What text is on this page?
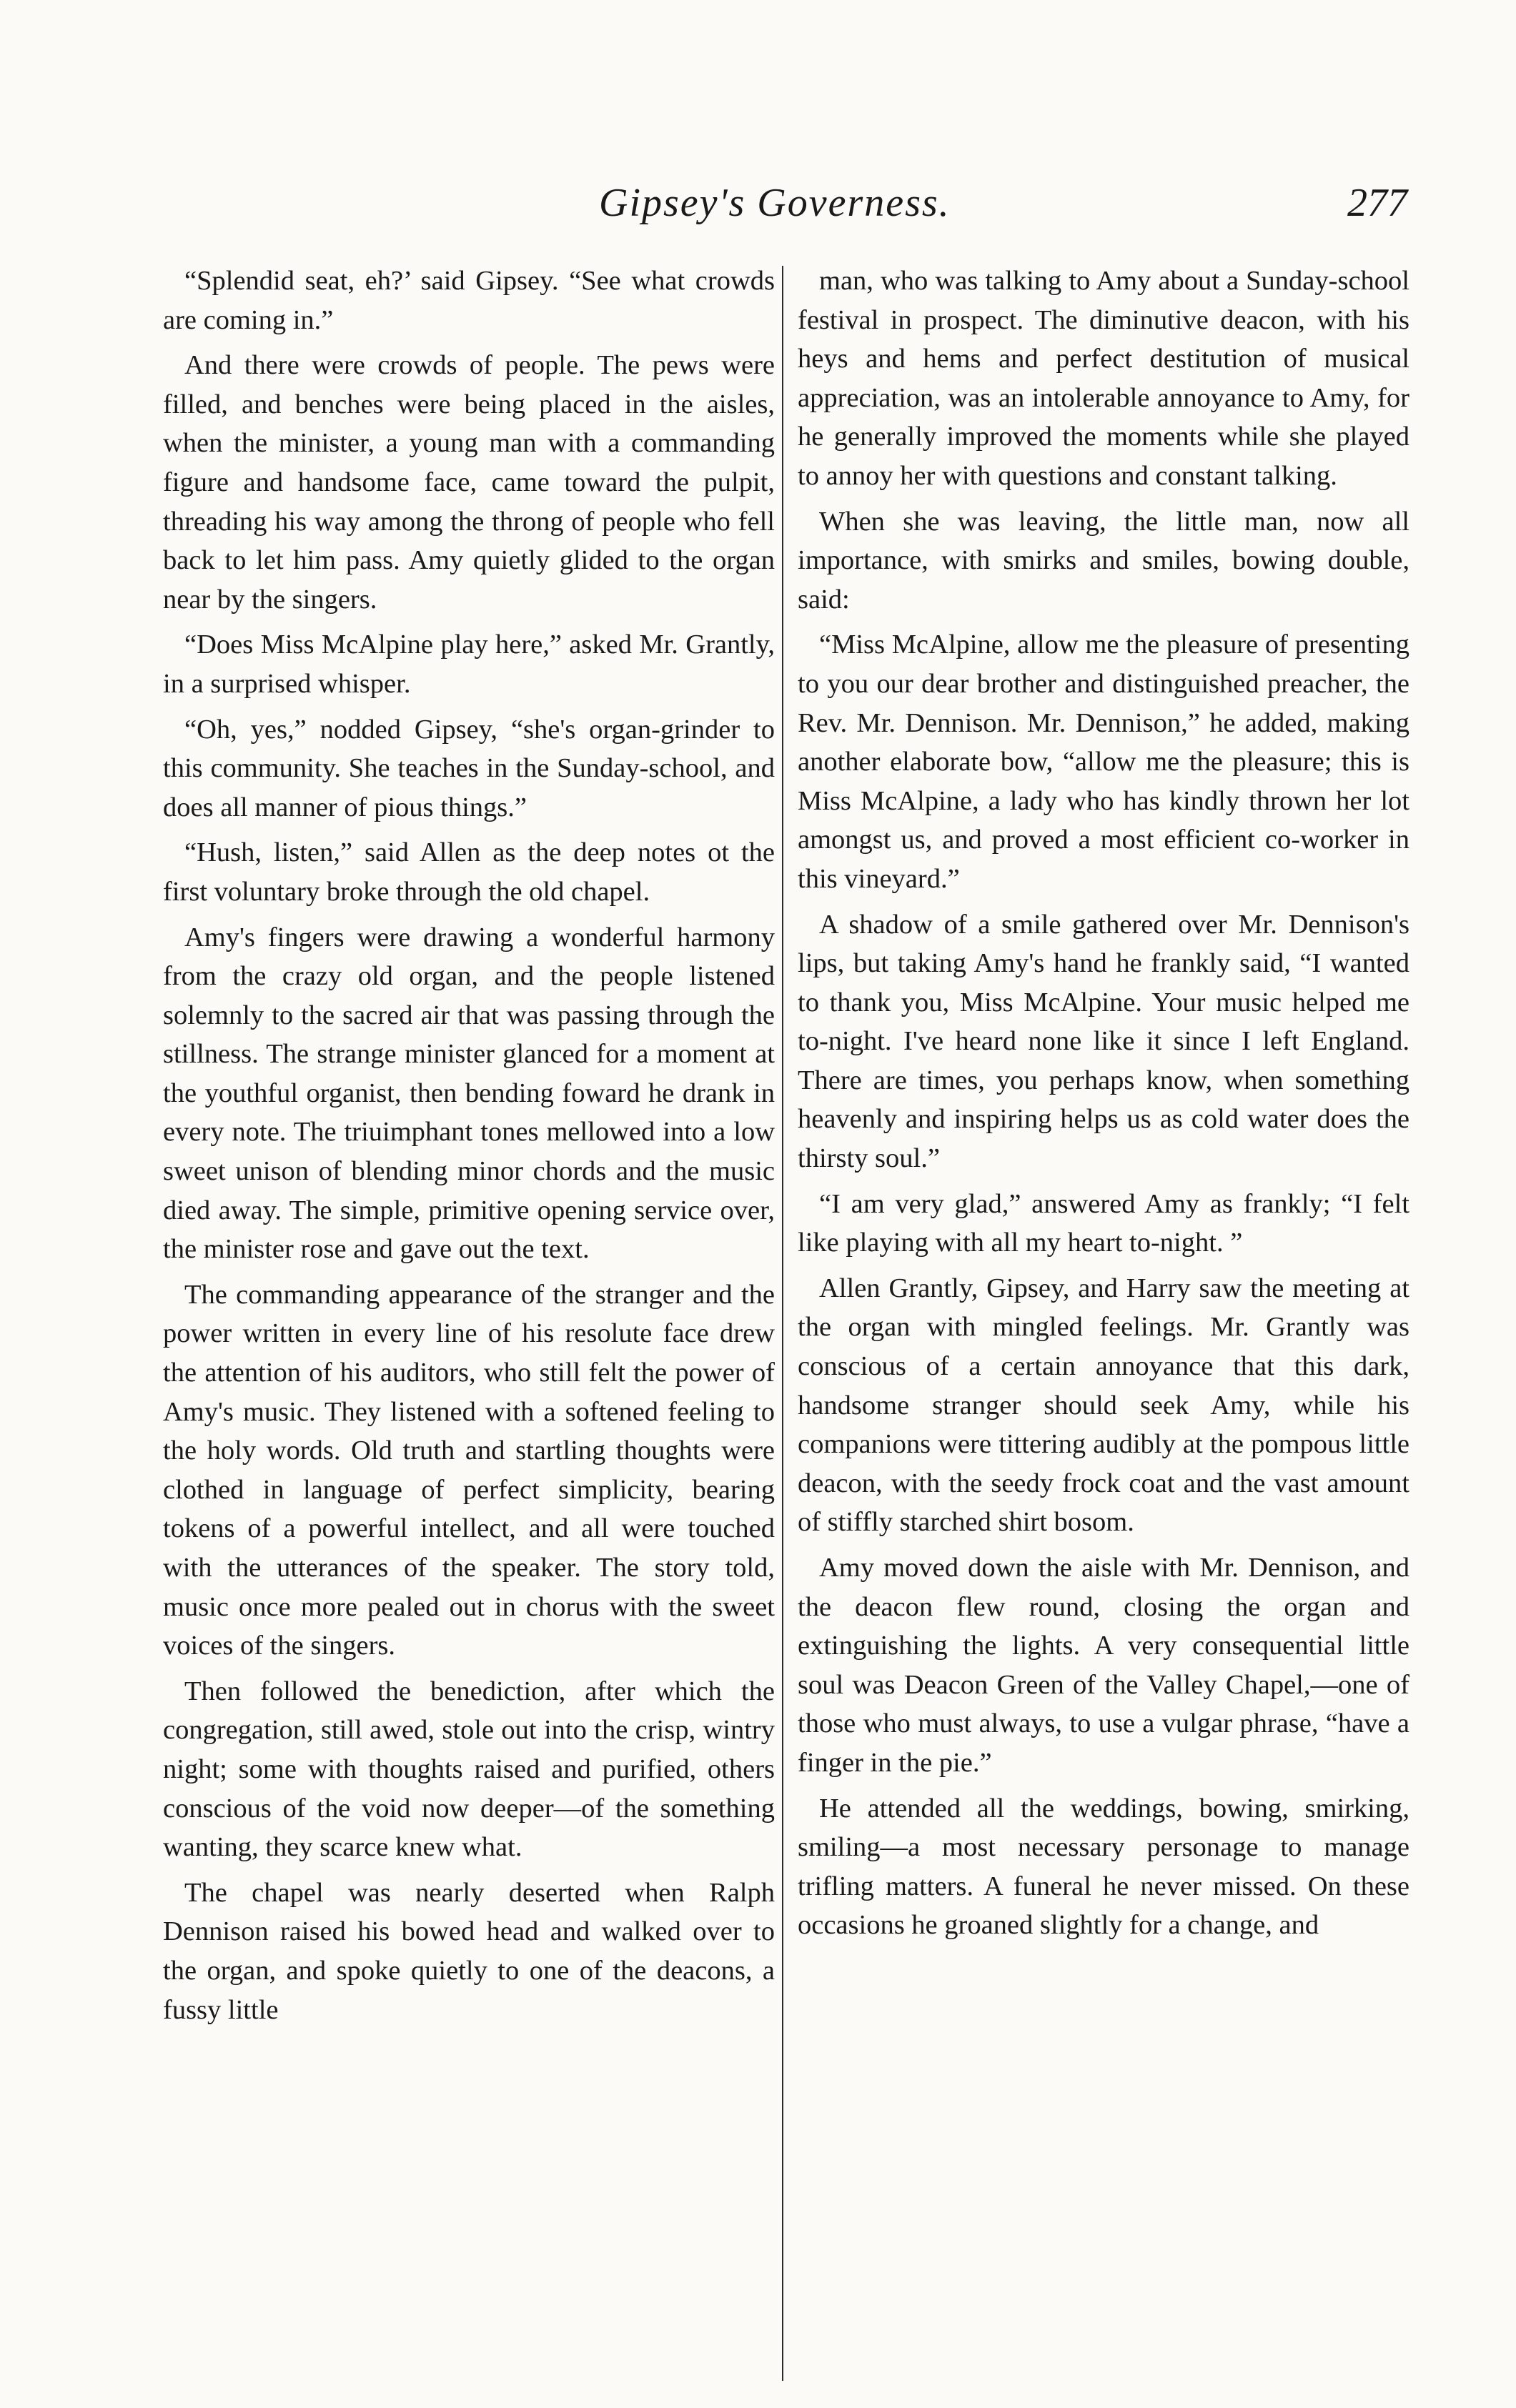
Gipsey's Governess.	277

“Splendid seat, eh?’ said Gipsey. “See what crowds are coming in.”

And there were crowds of people. The pews were filled, and benches were being placed in the aisles, when the minister, a young man with a commanding figure and handsome face, came toward the pulpit, threading his way among the throng of people who fell back to let him pass. Amy quietly glided to the organ near by the singers.

“Does Miss McAlpine play here,” asked Mr. Grantly, in a surprised whisper.

“Oh, yes,” nodded Gipsey, “she's organ-grinder to this community. She teaches in the Sunday-school, and does all manner of pious things.”

“Hush, listen,” said Allen as the deep notes ot the first voluntary broke through the old chapel.

Amy's fingers were drawing a wonderful harmony from the crazy old organ, and the people listened solemnly to the sacred air that was passing through the stillness. The strange minister glanced for a moment at the youthful organist, then bending foward he drank in every note. The triuimphant tones mellowed into a low sweet unison of blending minor chords and the music died away. The simple, primitive opening service over, the minister rose and gave out the text.

The commanding appearance of the stranger and the power written in every line of his resolute face drew the attention of his auditors, who still felt the power of Amy's music. They listened with a softened feeling to the holy words. Old truth and startling thoughts were clothed in language of perfect simplicity, bearing tokens of a powerful intellect, and all were touched with the utterances of the speaker. The story told, music once more pealed out in chorus with the sweet voices of the singers.

Then followed the benediction, after which the congregation, still awed, stole out into the crisp, wintry night; some with thoughts raised and purified, others conscious of the void now deeper—of the something wanting, they scarce knew what.

The chapel was nearly deserted when Ralph Dennison raised his bowed head and walked over to the organ, and spoke quietly to one of the deacons, a fussy little

man, who was talking to Amy about a Sunday-school festival in prospect. The diminutive deacon, with his heys and hems and perfect destitution of musical appreciation, was an intolerable annoyance to Amy, for he generally improved the moments while she played to annoy her with questions and constant talking.

When she was leaving, the little man, now all importance, with smirks and smiles, bowing double, said:

“Miss McAlpine, allow me the pleasure of presenting to you our dear brother and distinguished preacher, the Rev. Mr. Dennison. Mr. Dennison,” he added, making another elaborate bow, “allow me the pleasure; this is Miss McAlpine, a lady who has kindly thrown her lot amongst us, and proved a most efficient co-worker in this vineyard.”

A shadow of a smile gathered over Mr. Dennison's lips, but taking Amy's hand he frankly said, “I wanted to thank you, Miss McAlpine. Your music helped me to-night. I've heard none like it since I left England. There are times, you perhaps know, when something heavenly and inspiring helps us as cold water does the thirsty soul.”

“I am very glad,” answered Amy as frankly; “I felt like playing with all my heart to-night. ”

Allen Grantly, Gipsey, and Harry saw the meeting at the organ with mingled feelings. Mr. Grantly was conscious of a certain annoyance that this dark, handsome stranger should seek Amy, while his companions were tittering audibly at the pompous little deacon, with the seedy frock coat and the vast amount of stiffly starched shirt bosom.

Amy moved down the aisle with Mr. Dennison, and the deacon flew round, closing the organ and extinguishing the lights. A very consequential little soul was Deacon Green of the Valley Chapel,—one of those who must always, to use a vulgar phrase, “have a finger in the pie.”

He attended all the weddings, bowing, smirking, smiling—a most necessary personage to manage trifling matters. A funeral he never missed. On these occasions he groaned slightly for a change, and
